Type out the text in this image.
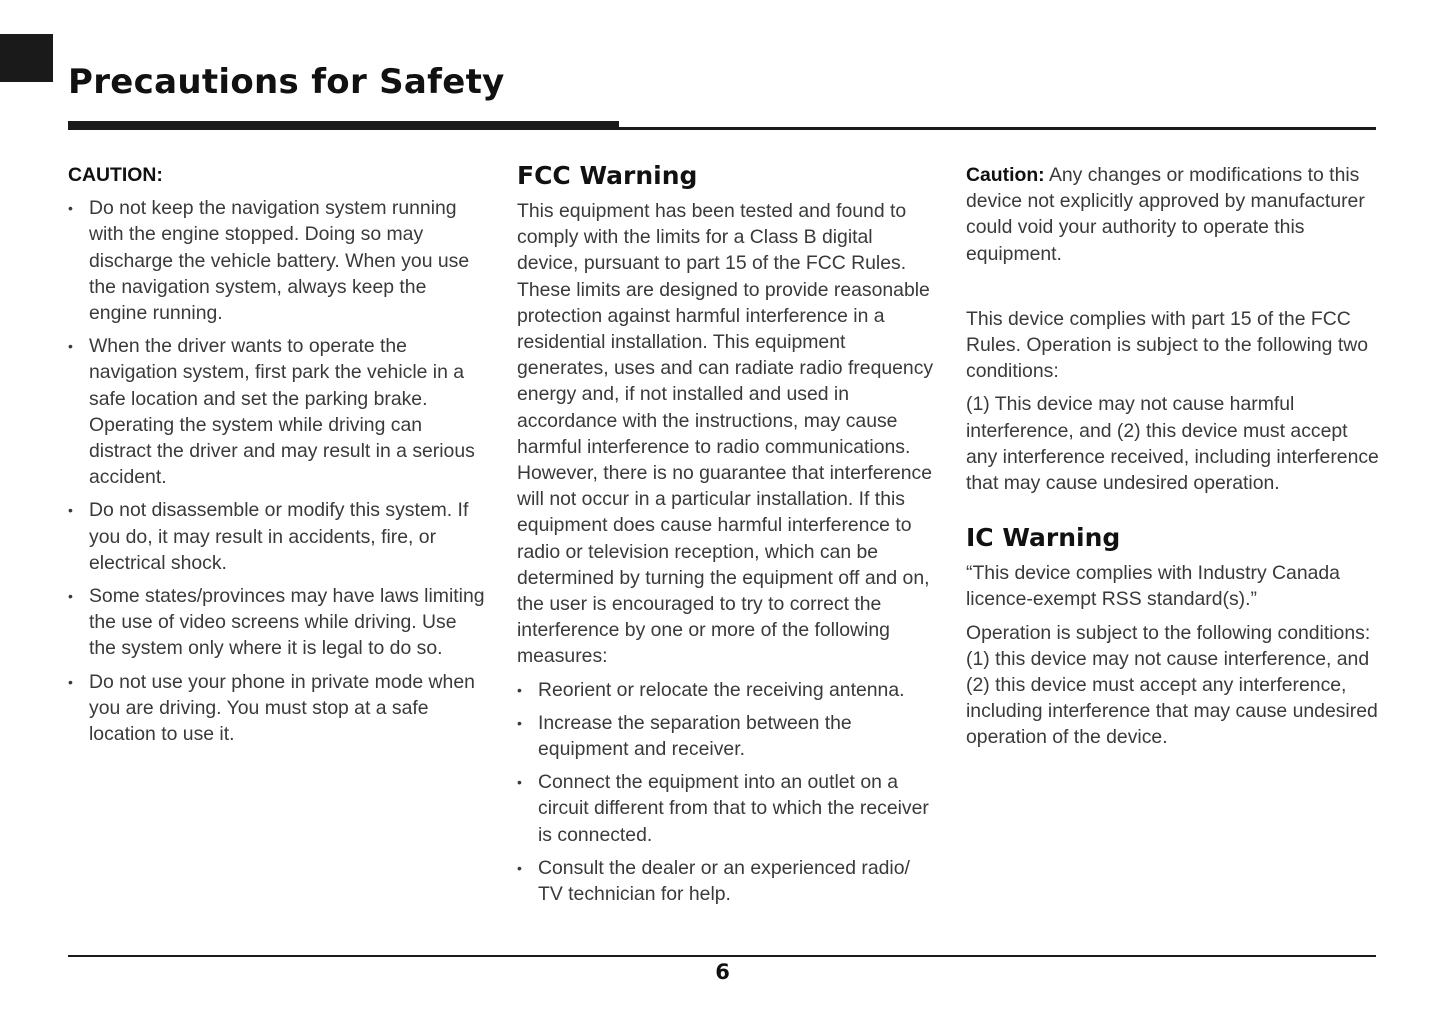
Precautions for Safety
CAUTION:
• Do not keep the navigation system running with the engine stopped. Doing so may discharge the vehicle battery. When you use the navigation system, always keep the engine running.
• When the driver wants to operate the navigation system, first park the vehicle in a safe location and set the parking brake. Operating the system while driving can distract the driver and may result in a serious accident.
• Do not disassemble or modify this system. If you do, it may result in accidents, fire, or electrical shock.
• Some states/provinces may have laws limiting the use of video screens while driving. Use the system only where it is legal to do so.
• Do not use your phone in private mode when you are driving. You must stop at a safe location to use it.
FCC Warning

This equipment has been tested and found to comply with the limits for a Class B digital device, pursuant to part 15 of the FCC Rules. These limits are designed to provide reasonable protection against harmful interference in a residential installation. This equipment generates, uses and can radiate radio frequency energy and, if not installed and used in accordance with the instructions, may cause harmful interference to radio communications. However, there is no guarantee that interference will not occur in a particular installation. If this equipment does cause harmful interference to radio or television reception, which can be determined by turning the equipment off and on, the user is encouraged to try to correct the interference by one or more of the following measures:

• Reorient or relocate the receiving antenna.
• Increase the separation between the equipment and receiver.
• Connect the equipment into an outlet on a circuit different from that to which the receiver is connected.
• Consult the dealer or an experienced radio/ TV technician for help.

Caution: Any changes or modifications to this device not explicitly approved by manufacturer could void your authority to operate this equipment.

This device complies with part 15 of the FCC Rules. Operation is subject to the following two conditions:

(1) This device may not cause harmful interference, and (2) this device must accept any interference received, including interference that may cause undesired operation.

IC Warning

“This device complies with Industry Canada licence-exempt RSS standard(s).”

Operation is subject to the following conditions: (1) this device may not cause interference, and (2) this device must accept any interference, including interference that may cause undesired operation of the device.

6
